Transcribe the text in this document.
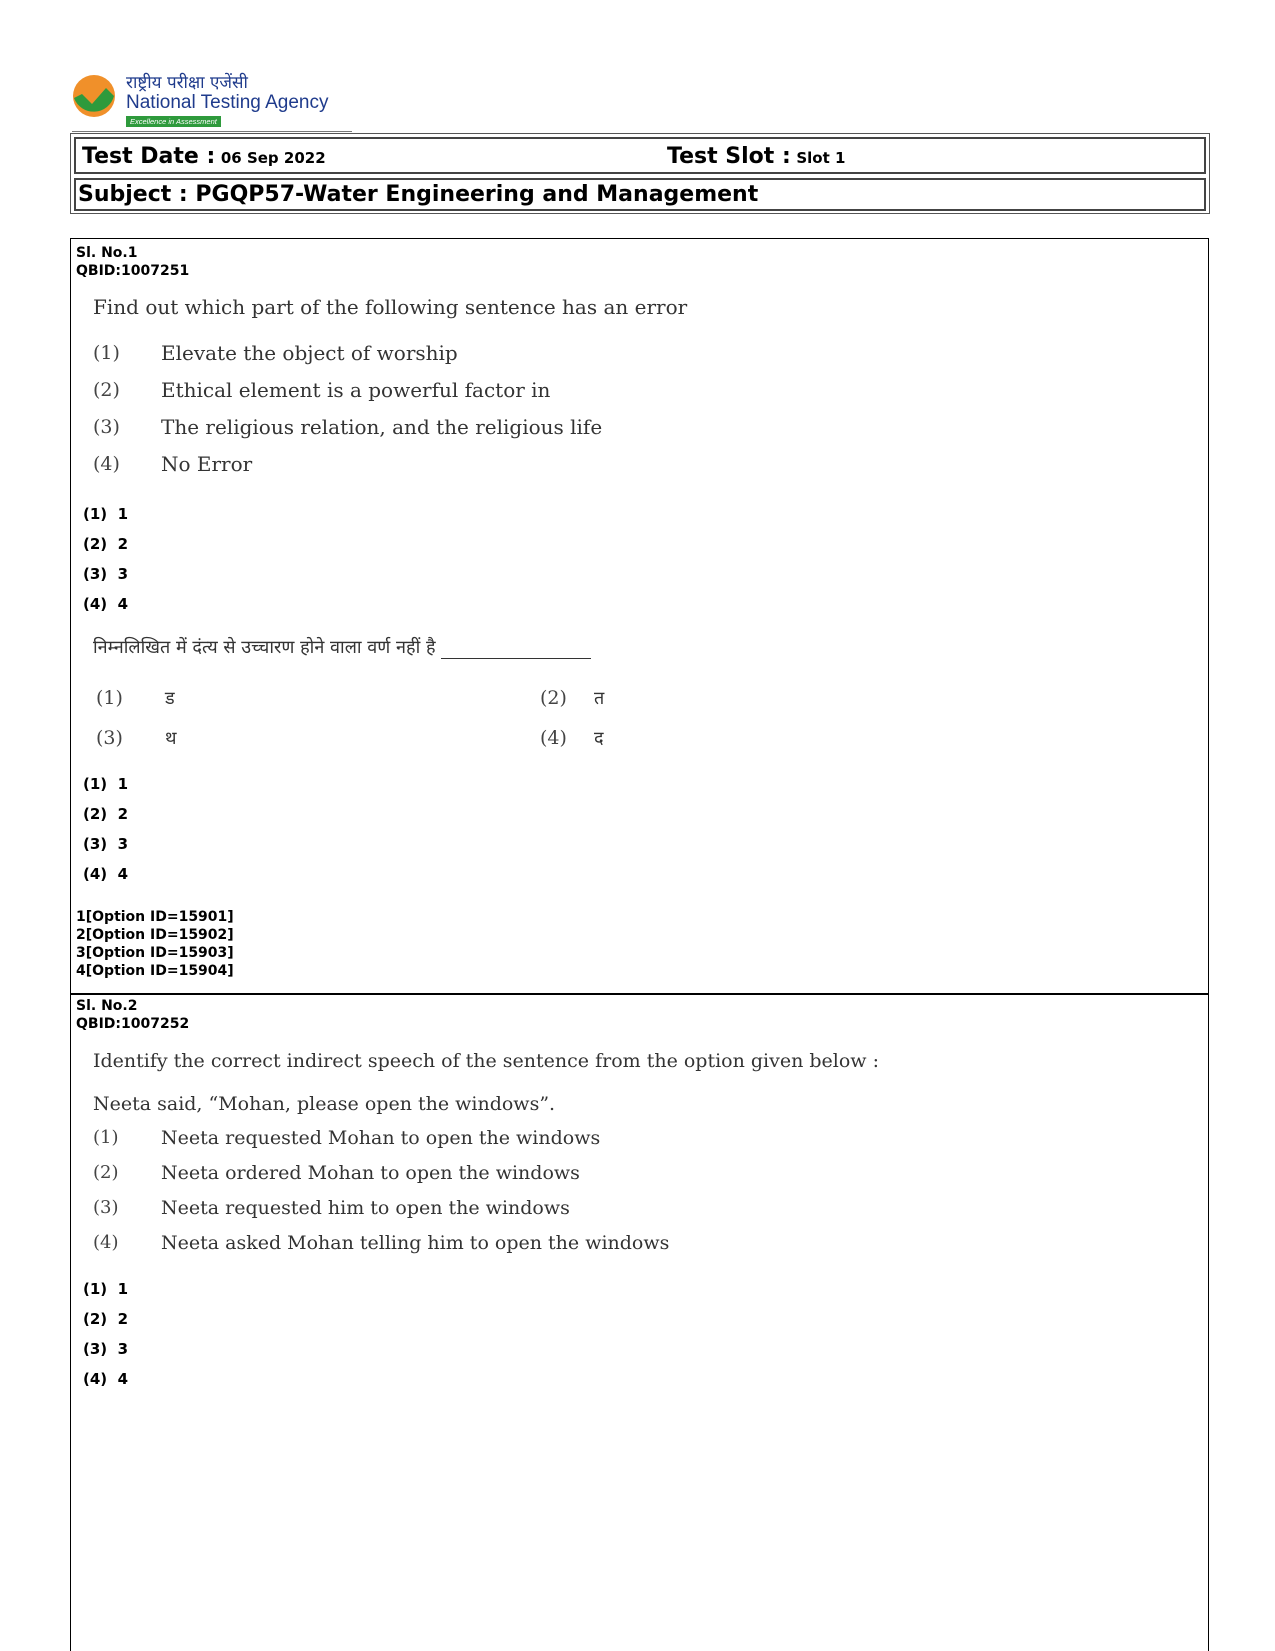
राष्ट्रीय परीक्षा एजेंसी
National Testing Agency
Excellence in Assessment
Test Date : 06 Sep 2022	Test Slot : Slot 1
Subject : PGQP57-Water Engineering and Management
Sl. No.1
QBID:1007251
Find out which part of the following sentence has an error
(1) Elevate the object of worship
(2) Ethical element is a powerful factor in
(3) The religious relation, and the religious life
(4) No Error
(1) 1
(2) 2
(3) 3
(4) 4
निम्नलिखित में दंत्य से उच्चारण होने वाला वर्ण नहीं है
(1) ड	(2) त
(3) थ	(4) द
(1) 1
(2) 2
(3) 3
(4) 4
1[Option ID=15901]
2[Option ID=15902]
3[Option ID=15903]
4[Option ID=15904]
Sl. No.2
QBID:1007252
Identify the correct indirect speech of the sentence from the option given below :
Neeta said, “Mohan, please open the windows”.
(1) Neeta requested Mohan to open the windows
(2) Neeta ordered Mohan to open the windows
(3) Neeta requested him to open the windows
(4) Neeta asked Mohan telling him to open the windows
(1) 1
(2) 2
(3) 3
(4) 4
